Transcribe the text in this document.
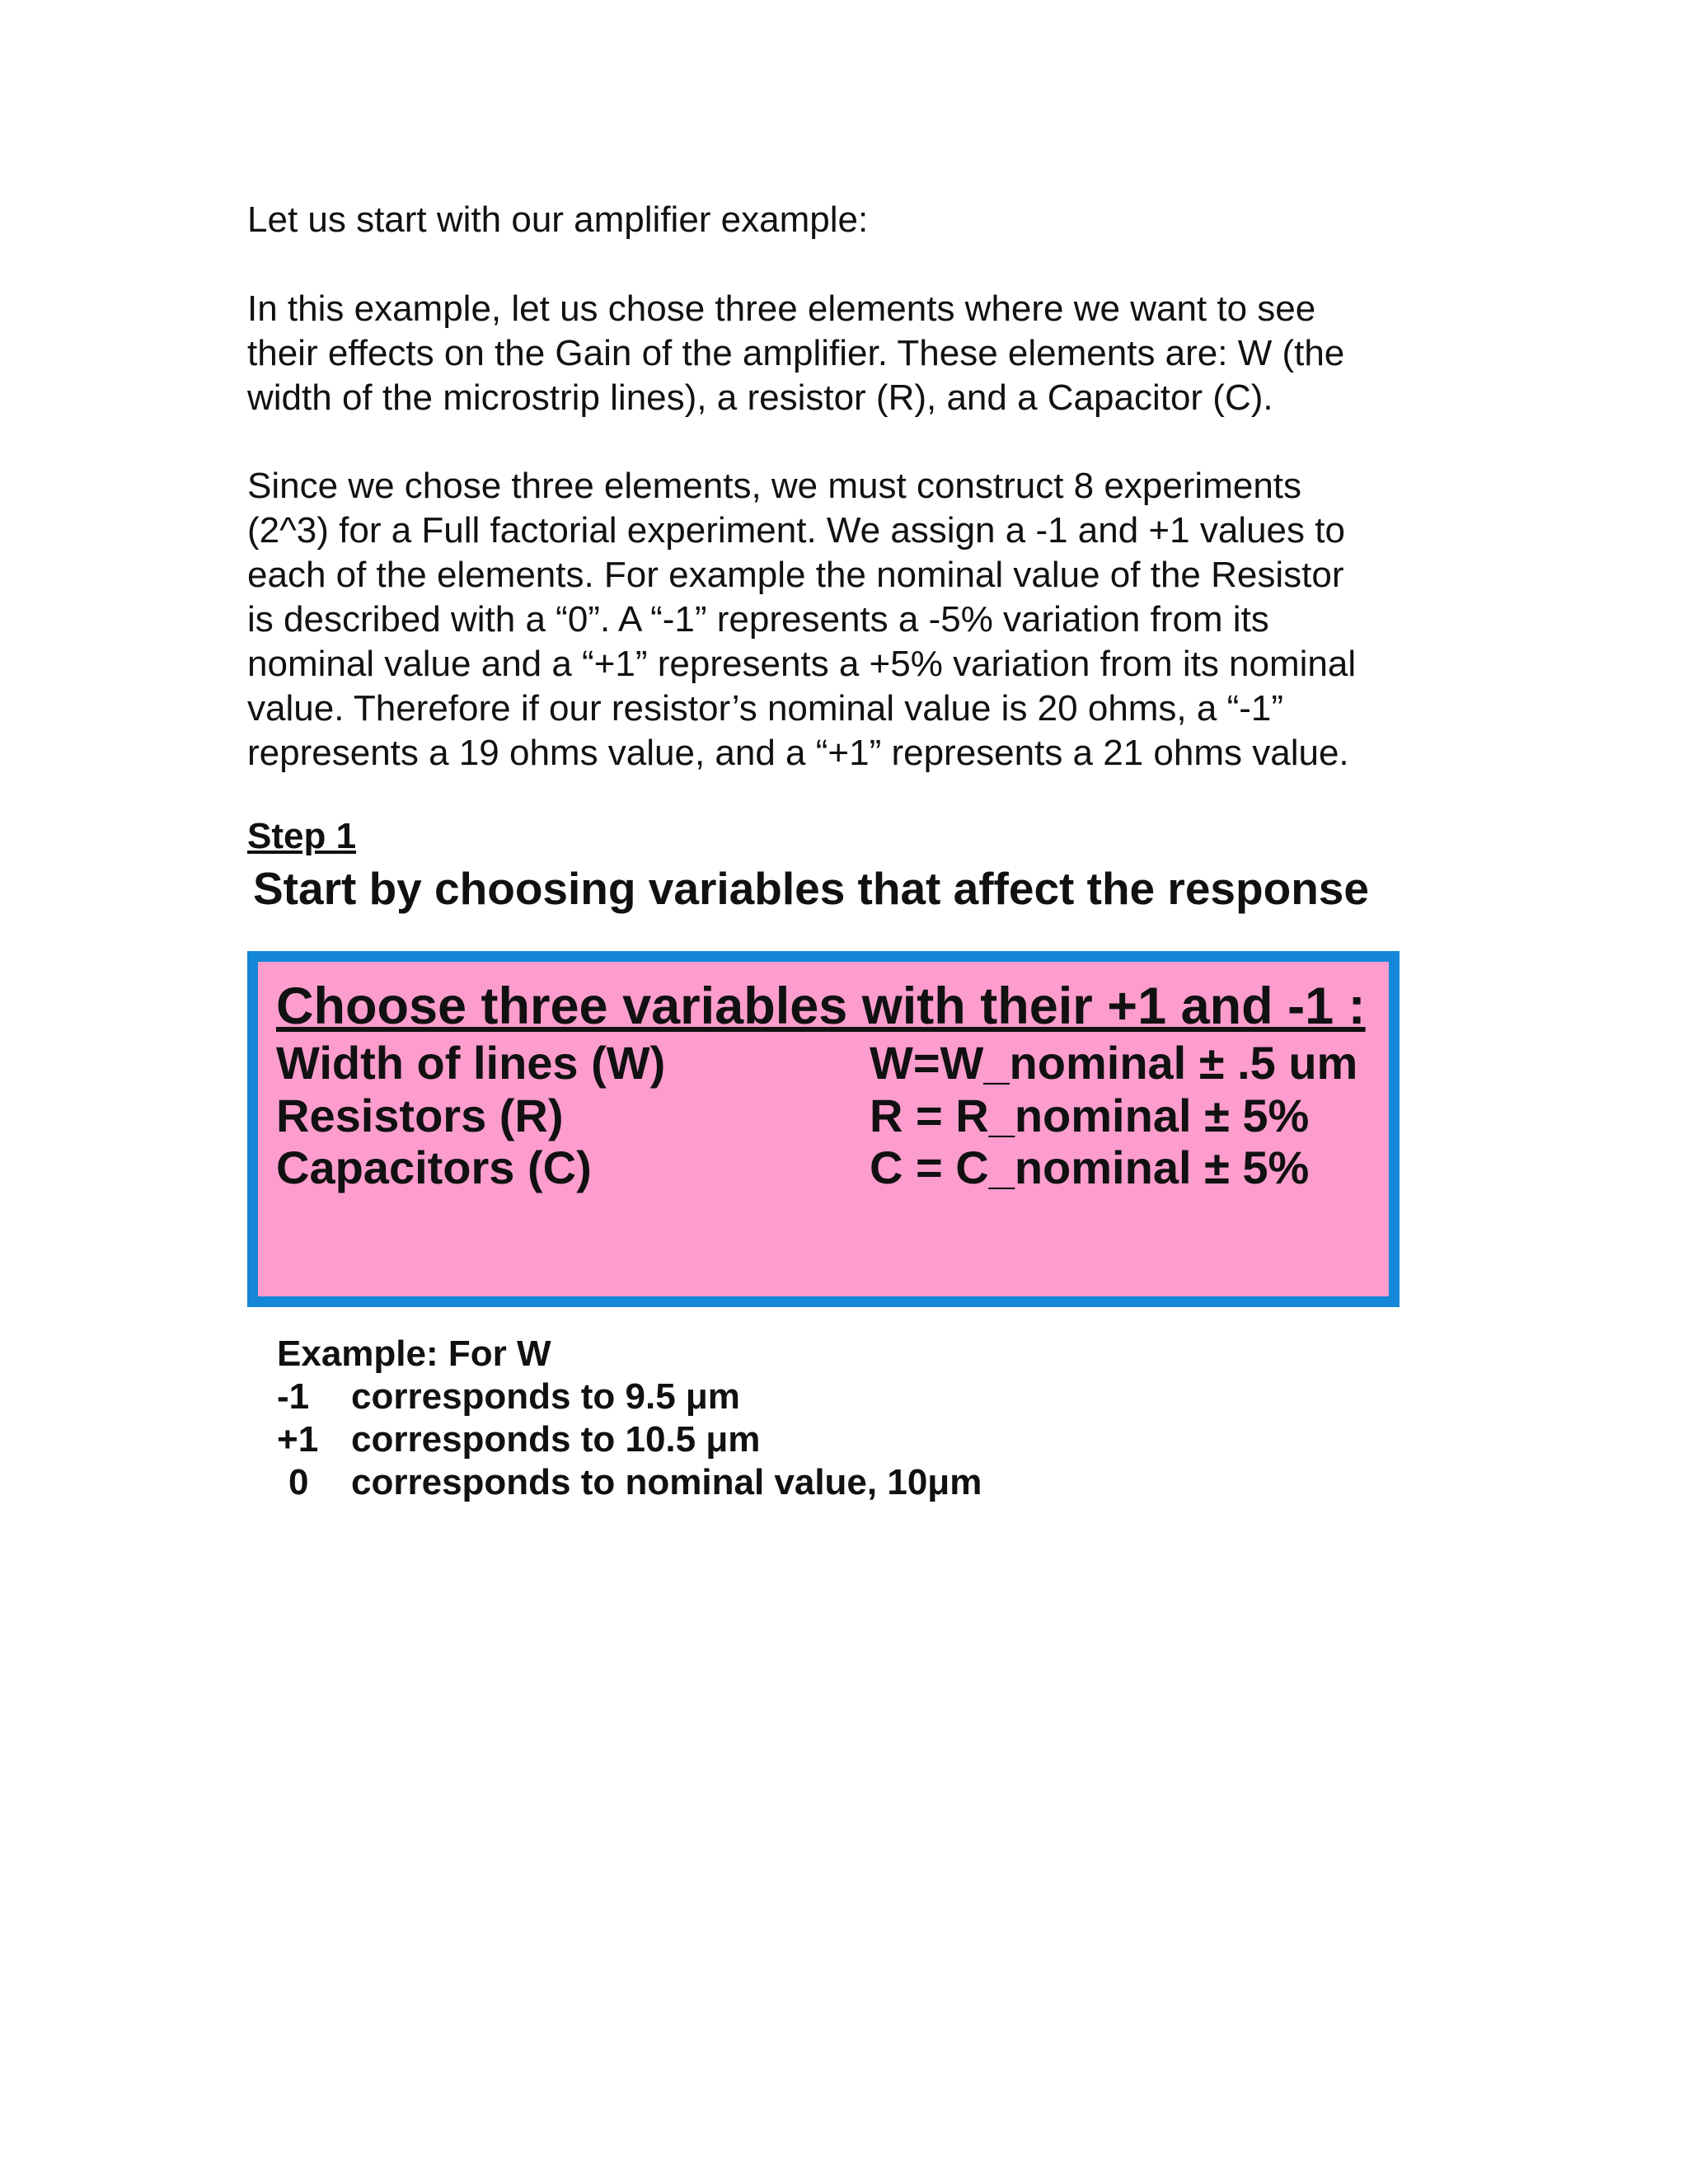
Let us start with our amplifier example:

In this example, let us chose three elements where we want to see
their effects on the Gain of the amplifier. These elements are: W (the
width of the microstrip lines), a resistor (R), and a Capacitor (C).

Since we chose three elements, we must construct 8 experiments
(2^3) for a Full factorial experiment. We assign a -1 and +1 values to
each of the elements. For example the nominal value of the Resistor
is described with a “0”. A “-1” represents a -5% variation from its
nominal value and a “+1” represents a +5% variation from its nominal
value. Therefore if our resistor’s nominal value is 20 ohms, a “-1”
represents a 19 ohms value, and a “+1” represents a 21 ohms value.

Step 1

Start by choosing variables that affect the response

Choose three variables with their +1 and -1 :

Width of lines (W)	W=W_nominal ± .5 um
Resistors (R)	R = R_nominal ± 5%
Capacitors (C)	C = C_nominal ± 5%
Example: For W
-1 corresponds to 9.5 μm
+1 corresponds to 10.5 μm
0 corresponds to nominal value, 10μm
